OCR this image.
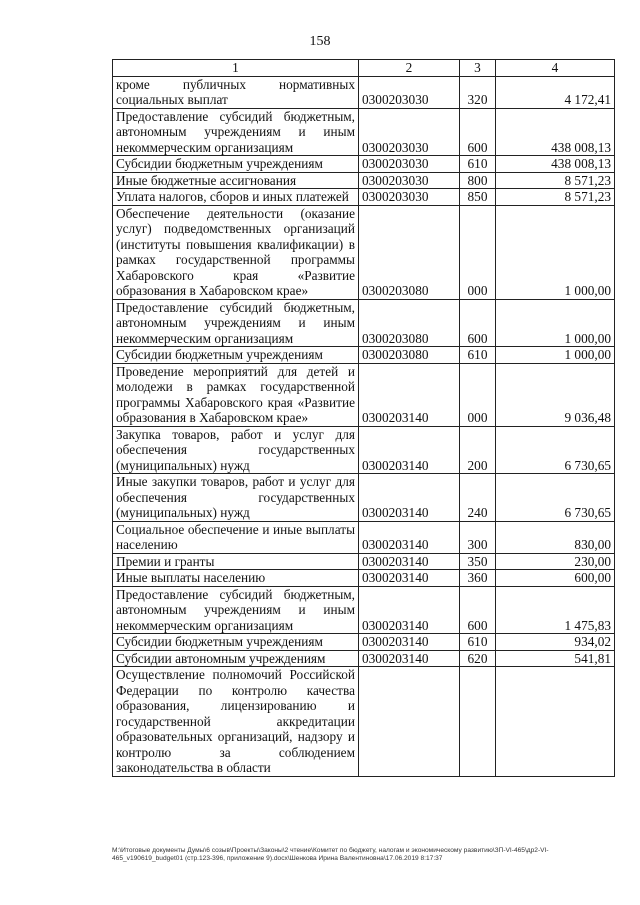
158
1	2	3	4
кроме публичных нормативных социальных выплат	0300203030	320	4 172,41
Предоставление субсидий бюджетным, автономным учреждениям и иным некоммерческим организациям	0300203030	600	438 008,13
Субсидии бюджетным учреждениям	0300203030	610	438 008,13
Иные бюджетные ассигнования	0300203030	800	8 571,23
Уплата налогов, сборов и иных платежей	0300203030	850	8 571,23
Обеспечение деятельности (оказание услуг) подведомственных организаций (институты повышения квалификации) в рамках государственной программы Хабаровского края «Развитие образования в Хабаровском крае»	0300203080	000	1 000,00
Предоставление субсидий бюджетным, автономным учреждениям и иным некоммерческим организациям	0300203080	600	1 000,00
Субсидии бюджетным учреждениям	0300203080	610	1 000,00
Проведение мероприятий для детей и молодежи в рамках государственной программы Хабаровского края «Развитие образования в Хабаровском крае»	0300203140	000	9 036,48
Закупка товаров, работ и услуг для обеспечения государственных (муниципальных) нужд	0300203140	200	6 730,65
Иные закупки товаров, работ и услуг для обеспечения государственных (муниципальных) нужд	0300203140	240	6 730,65
Социальное обеспечение и иные выплаты населению	0300203140	300	830,00
Премии и гранты	0300203140	350	230,00
Иные выплаты населению	0300203140	360	600,00
Предоставление субсидий бюджетным, автономным учреждениям и иным некоммерческим организациям	0300203140	600	1 475,83
Субсидии бюджетным учреждениям	0300203140	610	934,02
Субсидии автономным учреждениям	0300203140	620	541,81
Осуществление полномочий Российской Федерации по контролю качества образования, лицензированию и государственной аккредитации образовательных организаций, надзору и контролю за соблюдением законодательства в области			
M:\Итоговые документы Думы\6 созыв\Проекты\Законы\2 чтение\Комитет по бюджету, налогам и экономическому развитию\ЗП-VI-465\др2-VI-
465_v190619_budget01 (стр.123-396, приложение 9).docx\Шенкова Ирина Валентиновна\17.06.2019 8:17:37
